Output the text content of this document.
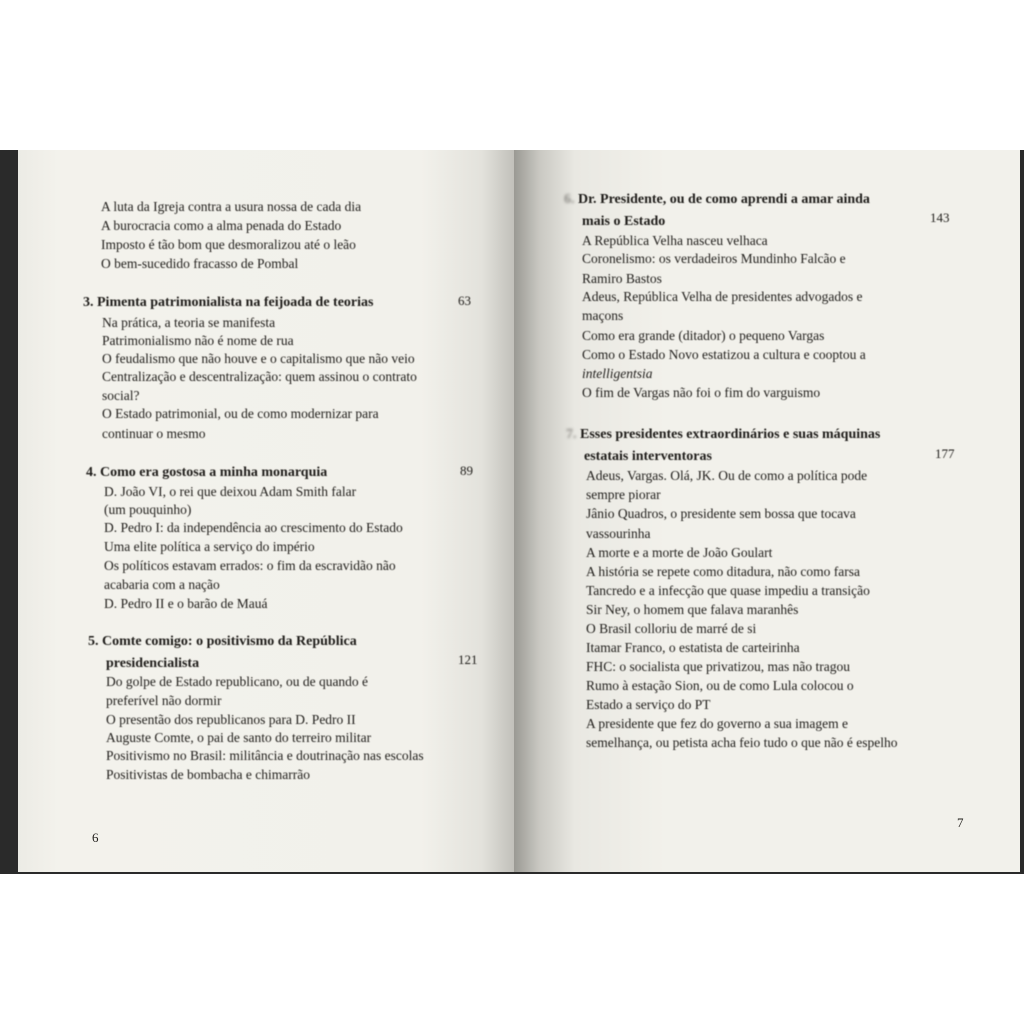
A luta da Igreja contra a usura nossa de cada dia
A burocracia como a alma penada do Estado
Imposto é tão bom que desmoralizou até o leão
O bem-sucedido fracasso de Pombal
3. Pimenta patrimonialista na feijoada de teorias	63
Na prática, a teoria se manifesta
Patrimonialismo não é nome de rua
O feudalismo que não houve e o capitalismo que não veio
Centralização e descentralização: quem assinou o contrato
social?
O Estado patrimonial, ou de como modernizar para
continuar o mesmo
4. Como era gostosa a minha monarquia	89
D. João VI, o rei que deixou Adam Smith falar
(um pouquinho)
D. Pedro I: da independência ao crescimento do Estado
Uma elite política a serviço do império
Os políticos estavam errados: o fim da escravidão não
acabaria com a nação
D. Pedro II e o barão de Mauá
5. Comte comigo: o positivismo da República
presidencialista	121
Do golpe de Estado republicano, ou de quando é
preferível não dormir
O presentão dos republicanos para D. Pedro II
Auguste Comte, o pai de santo do terreiro militar
Positivismo no Brasil: militância e doutrinação nas escolas
Positivistas de bombacha e chimarrão
6
6. Dr. Presidente, ou de como aprendi a amar ainda
mais o Estado	143
A República Velha nasceu velhaca
Coronelismo: os verdadeiros Mundinho Falcão e
Ramiro Bastos
Adeus, República Velha de presidentes advogados e
maçons
Como era grande (ditador) o pequeno Vargas
Como o Estado Novo estatizou a cultura e cooptou a
intelligentsia
O fim de Vargas não foi o fim do varguismo
7. Esses presidentes extraordinários e suas máquinas
estatais interventoras	177
Adeus, Vargas. Olá, JK. Ou de como a política pode
sempre piorar
Jânio Quadros, o presidente sem bossa que tocava
vassourinha
A morte e a morte de João Goulart
A história se repete como ditadura, não como farsa
Tancredo e a infecção que quase impediu a transição
Sir Ney, o homem que falava maranhês
O Brasil colloriu de marré de si
Itamar Franco, o estatista de carteirinha
FHC: o socialista que privatizou, mas não tragou
Rumo à estação Sion, ou de como Lula colocou o
Estado a serviço do PT
A presidente que fez do governo a sua imagem e
semelhança, ou petista acha feio tudo o que não é espelho
7
